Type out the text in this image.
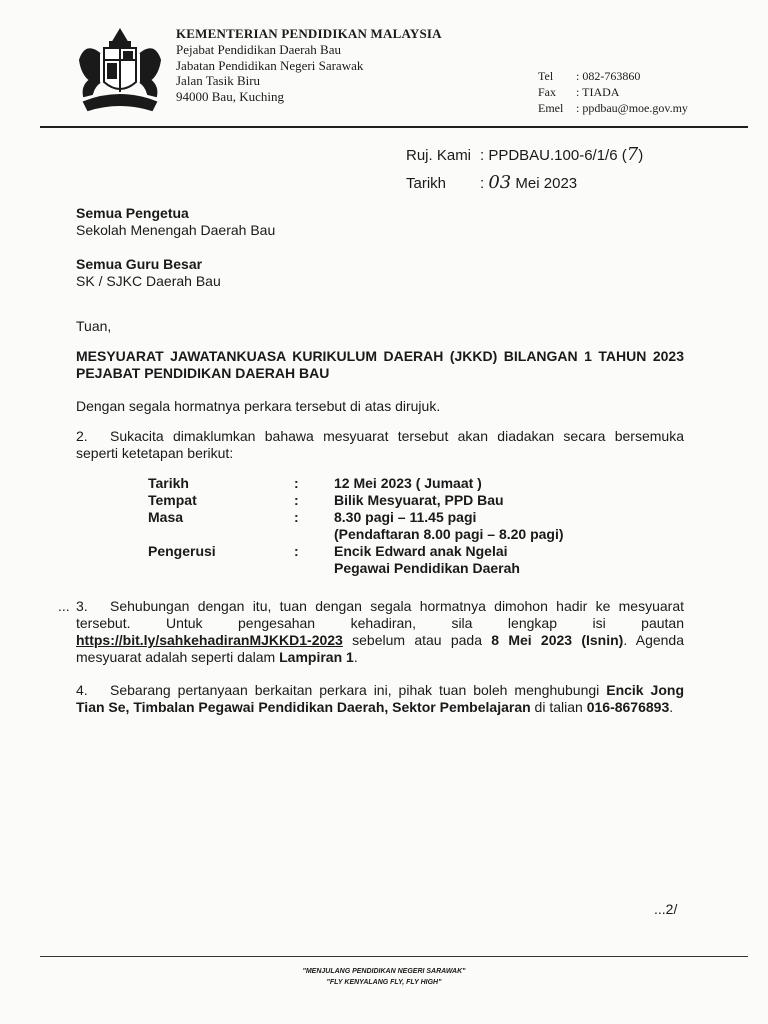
KEMENTERIAN PENDIDIKAN MALAYSIA
Pejabat Pendidikan Daerah Bau
Jabatan Pendidikan Negeri Sarawak
Jalan Tasik Biru
94000 Bau, Kuching
Tel	: 082-763860
Fax	: TIADA
Emel	: ppdbau@moe.gov.my
Ruj. Kami : PPDBAU.100-6/1/6 (7)
Tarikh : 03 Mei 2023
Semua Pengetua
Sekolah Menengah Daerah Bau
Semua Guru Besar
SK / SJKC Daerah Bau
Tuan,
MESYUARAT JAWATANKUASA KURIKULUM DAERAH (JKKD) BILANGAN 1 TAHUN 2023 PEJABAT PENDIDIKAN DAERAH BAU
Dengan segala hormatnya perkara tersebut di atas dirujuk.
2. Sukacita dimaklumkan bahawa mesyuarat tersebut akan diadakan secara bersemuka seperti ketetapan berikut:
Tarikh	:	12 Mei 2023 ( Jumaat )
Tempat	:	Bilik Mesyuarat, PPD Bau
Masa	:	8.30 pagi – 11.45 pagi
(Pendaftaran 8.00 pagi – 8.20 pagi)
Pengerusi	:	Encik Edward anak Ngelai
Pegawai Pendidikan Daerah
... 3. Sehubungan dengan itu, tuan dengan segala hormatnya dimohon hadir ke mesyuarat tersebut. Untuk pengesahan kehadiran, sila lengkap isi pautan https://bit.ly/sahkehadiranMJKKD1-2023 sebelum atau pada 8 Mei 2023 (Isnin). Agenda mesyuarat adalah seperti dalam Lampiran 1.
4. Sebarang pertanyaan berkaitan perkara ini, pihak tuan boleh menghubungi Encik Jong Tian Se, Timbalan Pegawai Pendidikan Daerah, Sektor Pembelajaran di talian 016-8676893.
...2/
"MENJULANG PENDIDIKAN NEGERI SARAWAK"
"FLY KENYALANG FLY, FLY HIGH"
